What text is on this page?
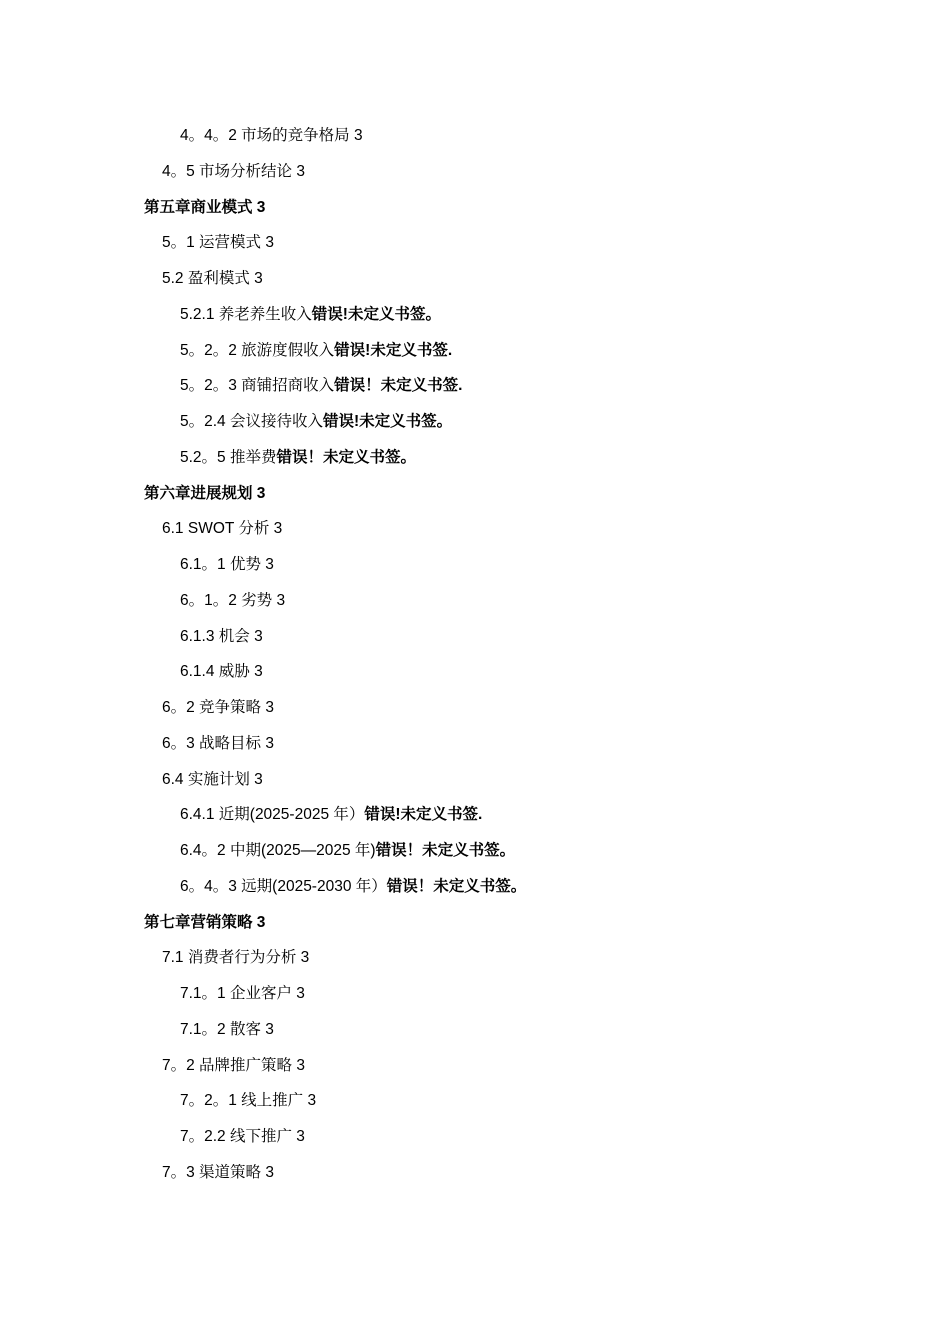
4。4。2 市场的竞争格局 3
4。5 市场分析结论 3
第五章商业模式 3
5。1 运营模式 3
5.2 盈利模式 3
5.2.1 养老养生收入错误!未定义书签。
5。2。2 旅游度假收入错误!未定义书签.
5。2。3 商铺招商收入错误！未定义书签.
5。2.4 会议接待收入错误!未定义书签。
5.2。5 推举费错误！未定义书签。
第六章进展规划 3
6.1 SWOT 分析 3
6.1。1 优势 3
6。1。2 劣势 3
6.1.3 机会 3
6.1.4 威胁 3
6。2 竞争策略 3
6。3 战略目标 3
6.4 实施计划 3
6.4.1 近期(2025-2025 年）错误!未定义书签.
6.4。2 中期(2025—2025 年)错误！未定义书签。
6。4。3 远期(2025-2030 年）错误！未定义书签。
第七章营销策略 3
7.1 消费者行为分析 3
7.1。1 企业客户 3
7.1。2 散客 3
7。2 品牌推广策略 3
7。2。1 线上推广 3
7。2.2 线下推广 3
7。3 渠道策略 3
